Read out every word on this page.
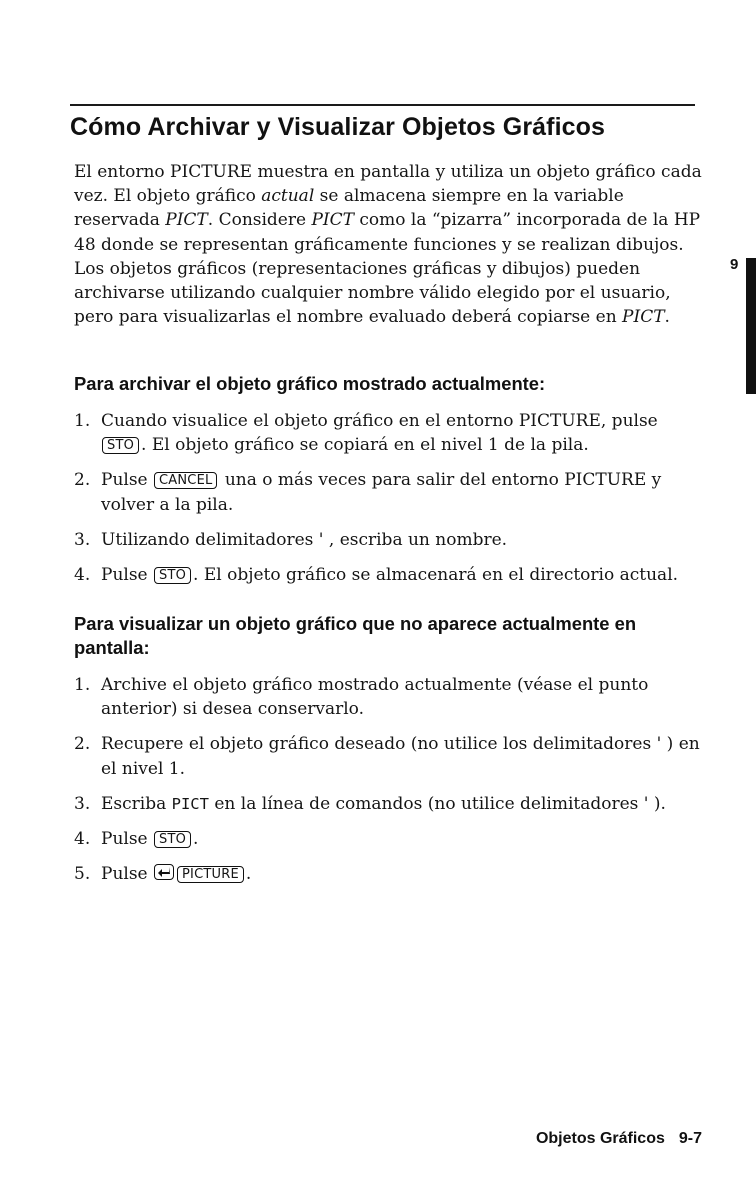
Cómo Archivar y Visualizar Objetos Gráficos

El entorno PICTURE muestra en pantalla y utiliza un objeto gráfico cada vez. El objeto gráfico actual se almacena siempre en la variable reservada PICT. Considere PICT como la “pizarra” incorporada de la HP 48 donde se representan gráficamente funciones y se realizan dibujos. Los objetos gráficos (representaciones gráficas y dibujos) pueden archivarse utilizando cualquier nombre válido elegido por el usuario, pero para visualizarlas el nombre evaluado deberá copiarse en PICT.

Para archivar el objeto gráfico mostrado actualmente:
1. Cuando visualice el objeto gráfico en el entorno PICTURE, pulse STO . El objeto gráfico se copiará en el nivel 1 de la pila.
2. Pulse CANCEL una o más veces para salir del entorno PICTURE y volver a la pila.
3. Utilizando delimitadores ' , escriba un nombre.
4. Pulse STO . El objeto gráfico se almacenará en el directorio actual.
Para visualizar un objeto gráfico que no aparece actualmente en pantalla:
1. Archive el objeto gráfico mostrado actualmente (véase el punto anterior) si desea conservarlo.
2. Recupere el objeto gráfico deseado (no utilice los delimitadores ' ) en el nivel 1.
3. Escriba PICT en la línea de comandos (no utilice delimitadores ' ).
4. Pulse STO .
5. Pulse
PICTURE .
9

Objetos Gráficos 9-7
